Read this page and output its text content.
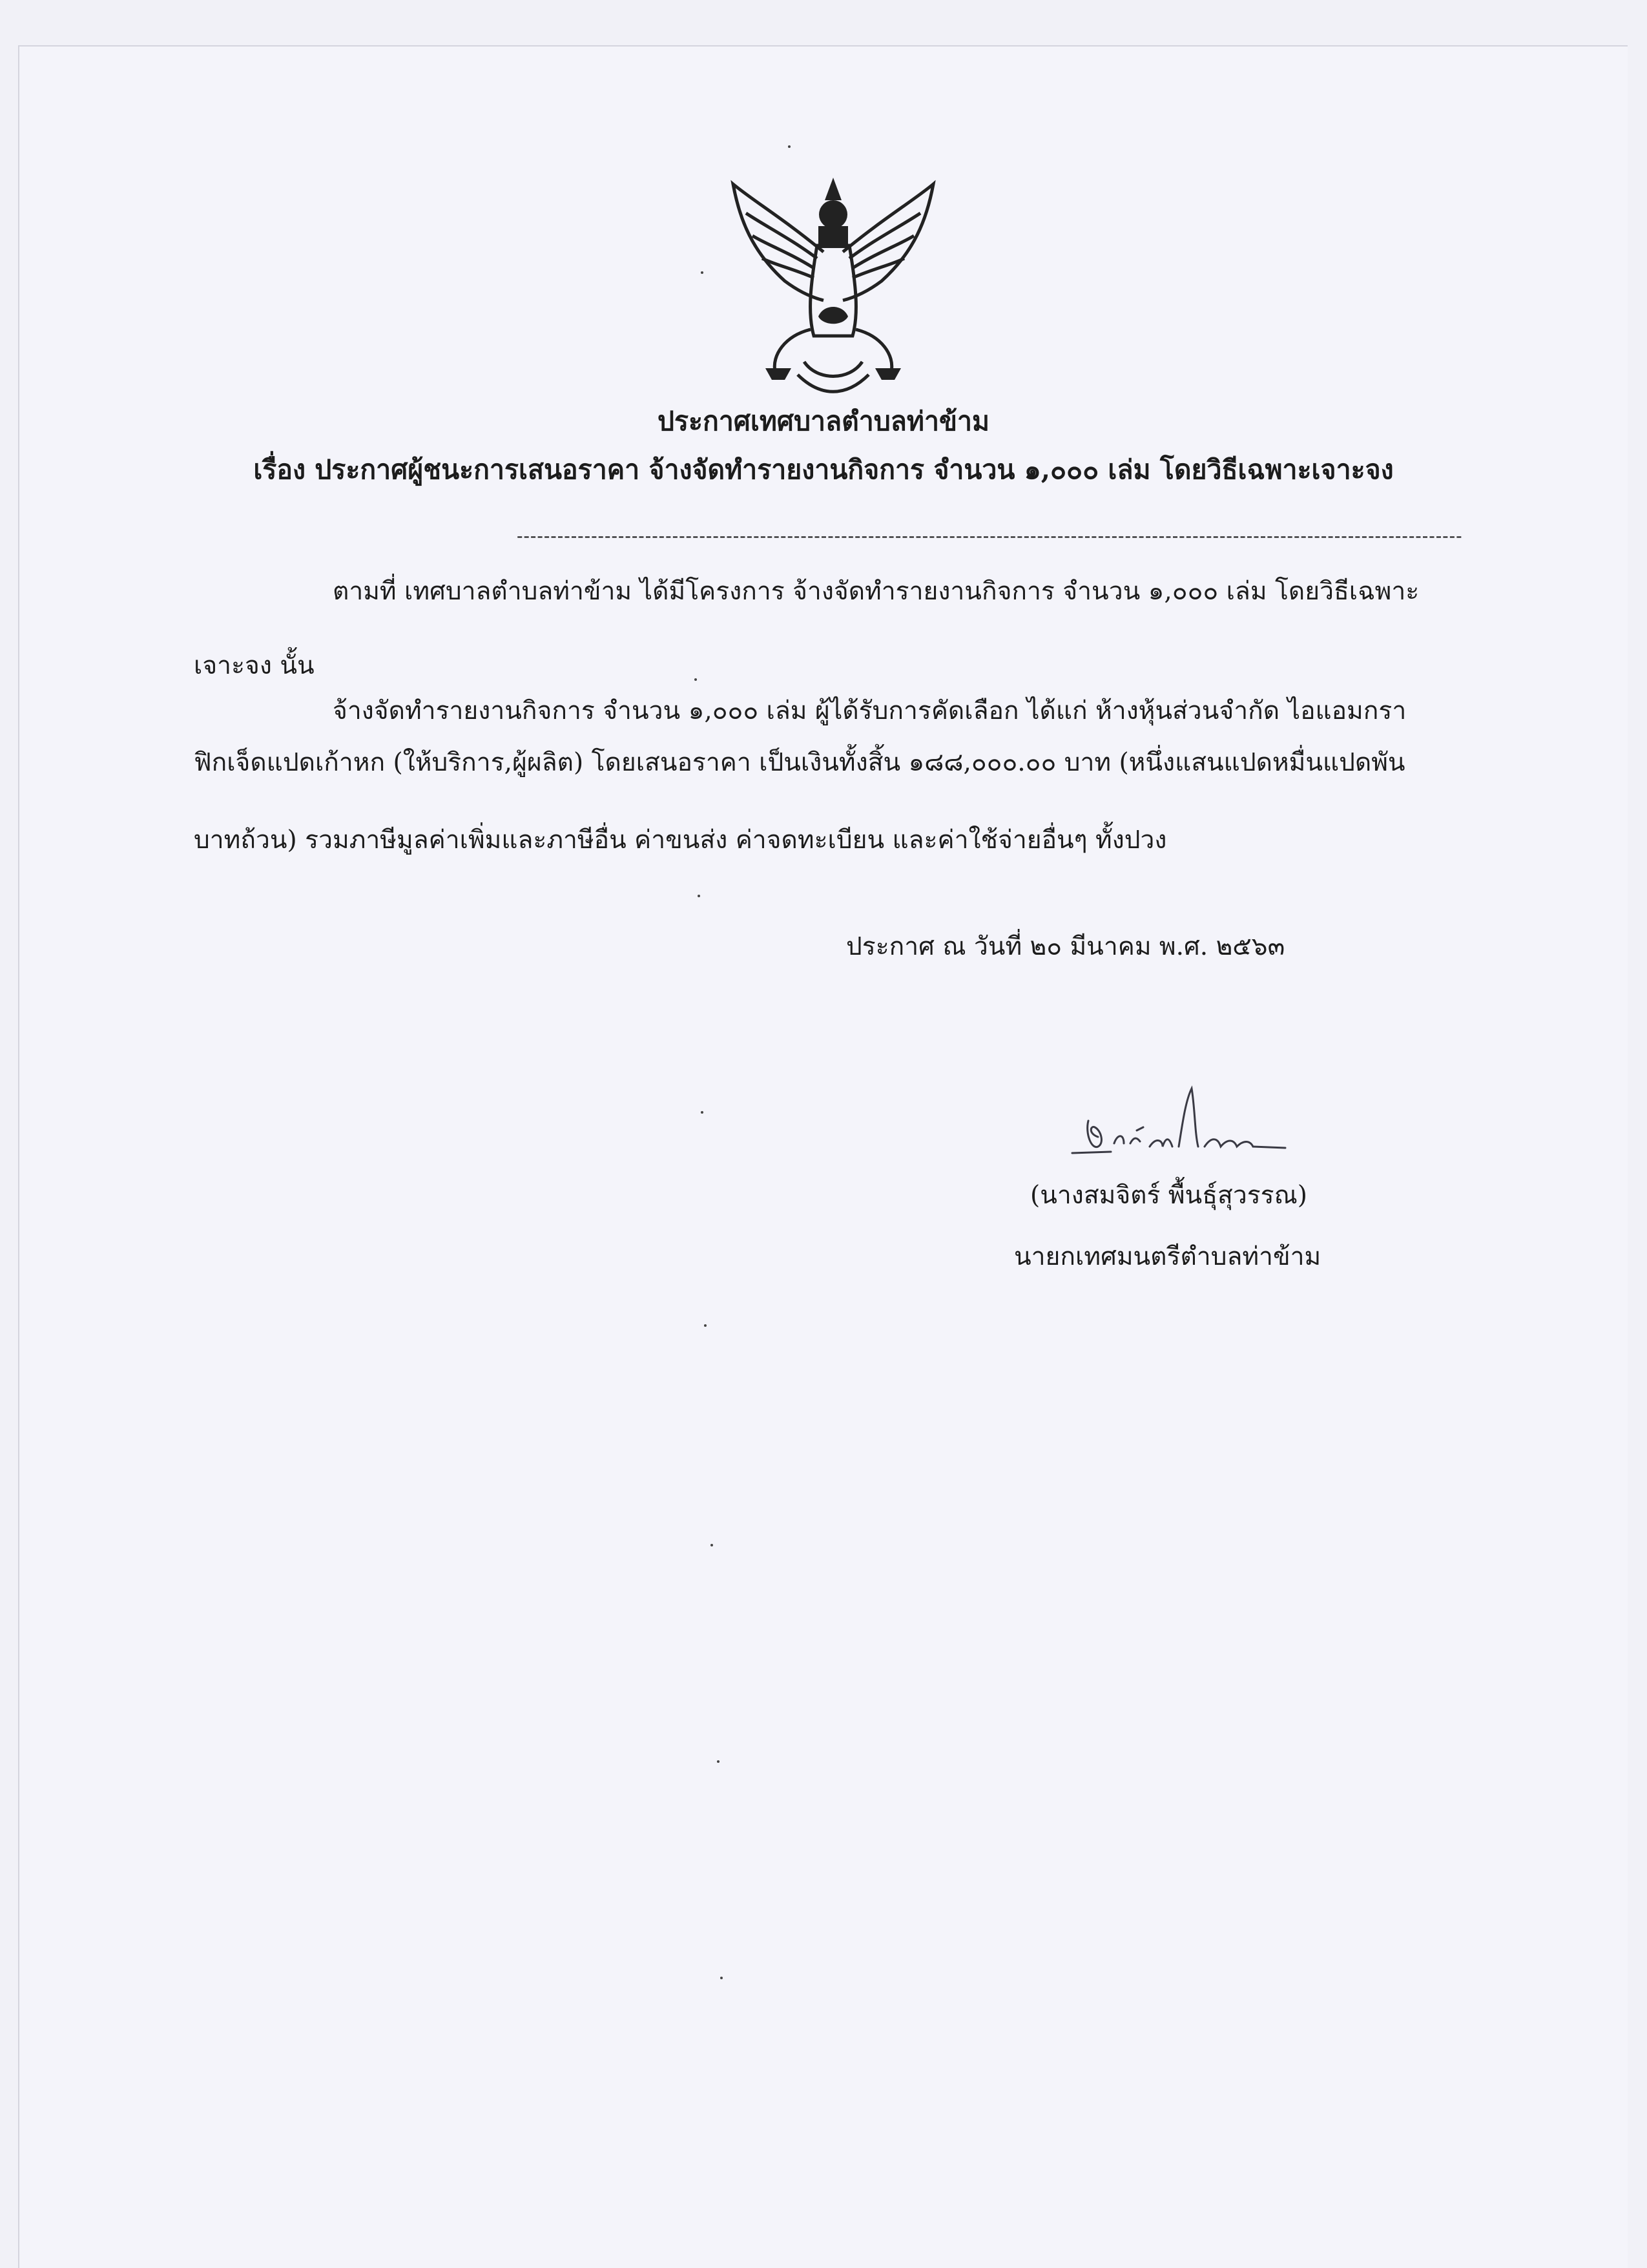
ประกาศเทศบาลตำบลท่าข้าม

เรื่อง ประกาศผู้ชนะการเสนอราคา จ้างจัดทำรายงานกิจการ จำนวน ๑,๐๐๐ เล่ม โดยวิธีเฉพาะเจาะจง

--------------------------------------------------------------------------------------------------------------------------------------------

ตามที่ เทศบาลตำบลท่าข้าม ได้มีโครงการ จ้างจัดทำรายงานกิจการ จำนวน ๑,๐๐๐ เล่ม โดยวิธีเฉพาะ

เจาะจง นั้น

จ้างจัดทำรายงานกิจการ จำนวน ๑,๐๐๐ เล่ม ผู้ได้รับการคัดเลือก ได้แก่ ห้างหุ้นส่วนจำกัด ไอแอมกรา

ฟิกเจ็ดแปดเก้าหก (ให้บริการ,ผู้ผลิต) โดยเสนอราคา เป็นเงินทั้งสิ้น ๑๘๘,๐๐๐.๐๐ บาท (หนึ่งแสนแปดหมื่นแปดพัน

บาทถ้วน) รวมภาษีมูลค่าเพิ่มและภาษีอื่น ค่าขนส่ง ค่าจดทะเบียน และค่าใช้จ่ายอื่นๆ ทั้งปวง

ประกาศ ณ วันที่ ๒๐ มีนาคม พ.ศ. ๒๕๖๓

(นางสมจิตร์ พื้นธุ์สุวรรณ)

นายกเทศมนตรีตำบลท่าข้าม
